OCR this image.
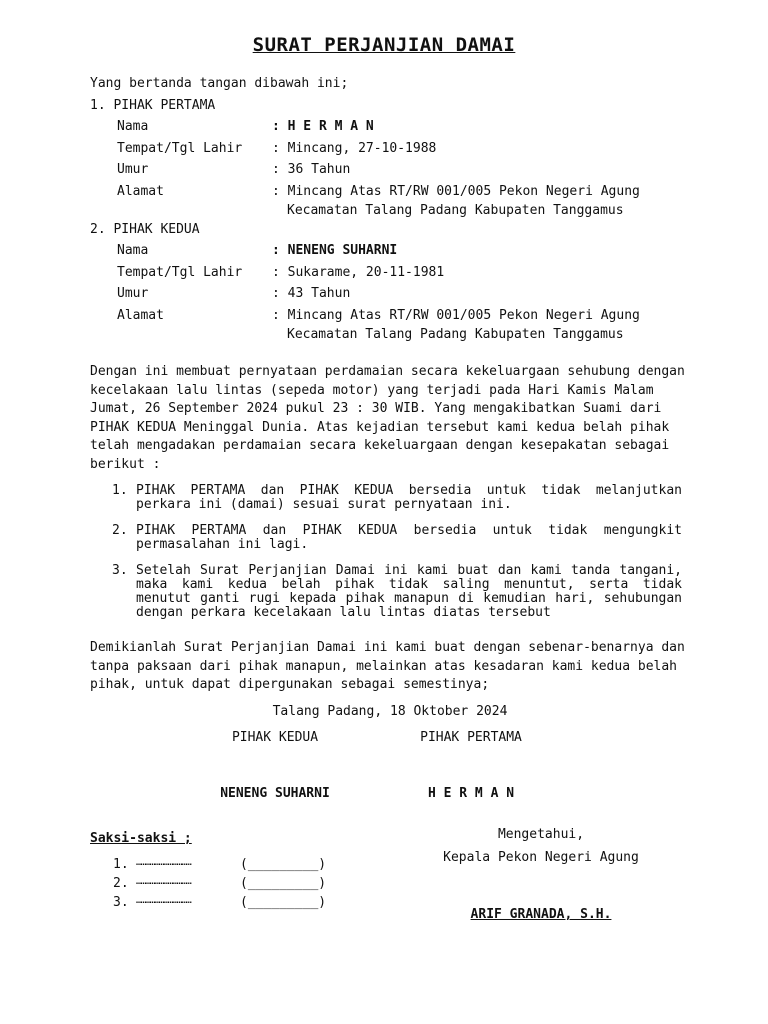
SURAT PERJANJIAN DAMAI
Yang bertanda tangan dibawah ini;
1. PIHAK PERTAMA
Nama	: H E R M A N
Tempat/Tgl Lahir : Mincang, 27-10-1988
Umur	: 36 Tahun
Alamat	: Mincang Atas RT/RW 001/005 Pekon Negeri Agung
Kecamatan Talang Padang Kabupaten Tanggamus
2. PIHAK KEDUA
Nama	: NENENG SUHARNI
Tempat/Tgl Lahir : Sukarame, 20-11-1981
Umur	: 43 Tahun
Alamat	: Mincang Atas RT/RW 001/005 Pekon Negeri Agung
Kecamatan Talang Padang Kabupaten Tanggamus
Dengan ini membuat pernyataan perdamaian secara kekeluargaan sehubung dengan kecelakaan lalu lintas (sepeda motor) yang terjadi pada Hari Kamis Malam Jumat, 26 September 2024 pukul 23 : 30 WIB. Yang mengakibatkan Suami dari PIHAK KEDUA Meninggal Dunia. Atas kejadian tersebut kami kedua belah pihak telah mengadakan perdamaian secara kekeluargaan dengan kesepakatan sebagai berikut :
1. PIHAK PERTAMA dan PIHAK KEDUA bersedia untuk tidak melanjutkan perkara ini (damai) sesuai surat pernyataan ini.
2. PIHAK PERTAMA dan PIHAK KEDUA bersedia untuk tidak mengungkit permasalahan ini lagi.
3. Setelah Surat Perjanjian Damai ini kami buat dan kami tanda tangani, maka kami kedua belah pihak tidak saling menuntut, serta tidak menutut ganti rugi kepada pihak manapun di kemudian hari, sehubungan dengan perkara kecelakaan lalu lintas diatas tersebut
Demikianlah Surat Perjanjian Damai ini kami buat dengan sebenar-benarnya dan tanpa paksaan dari pihak manapun, melainkan atas kesadaran kami kedua belah pihak, untuk dapat dipergunakan sebagai semestinya;
Talang Padang, 18 Oktober 2024
PIHAK KEDUA	PIHAK PERTAMA
NENENG SUHARNI	H E R M A N
Saksi-saksi ;
1. ………………………………	(_________)
2. ………………………………	(_________)
3. ………………………………	(_________)
Mengetahui,
Kepala Pekon Negeri Agung
ARIF GRANADA, S.H.
